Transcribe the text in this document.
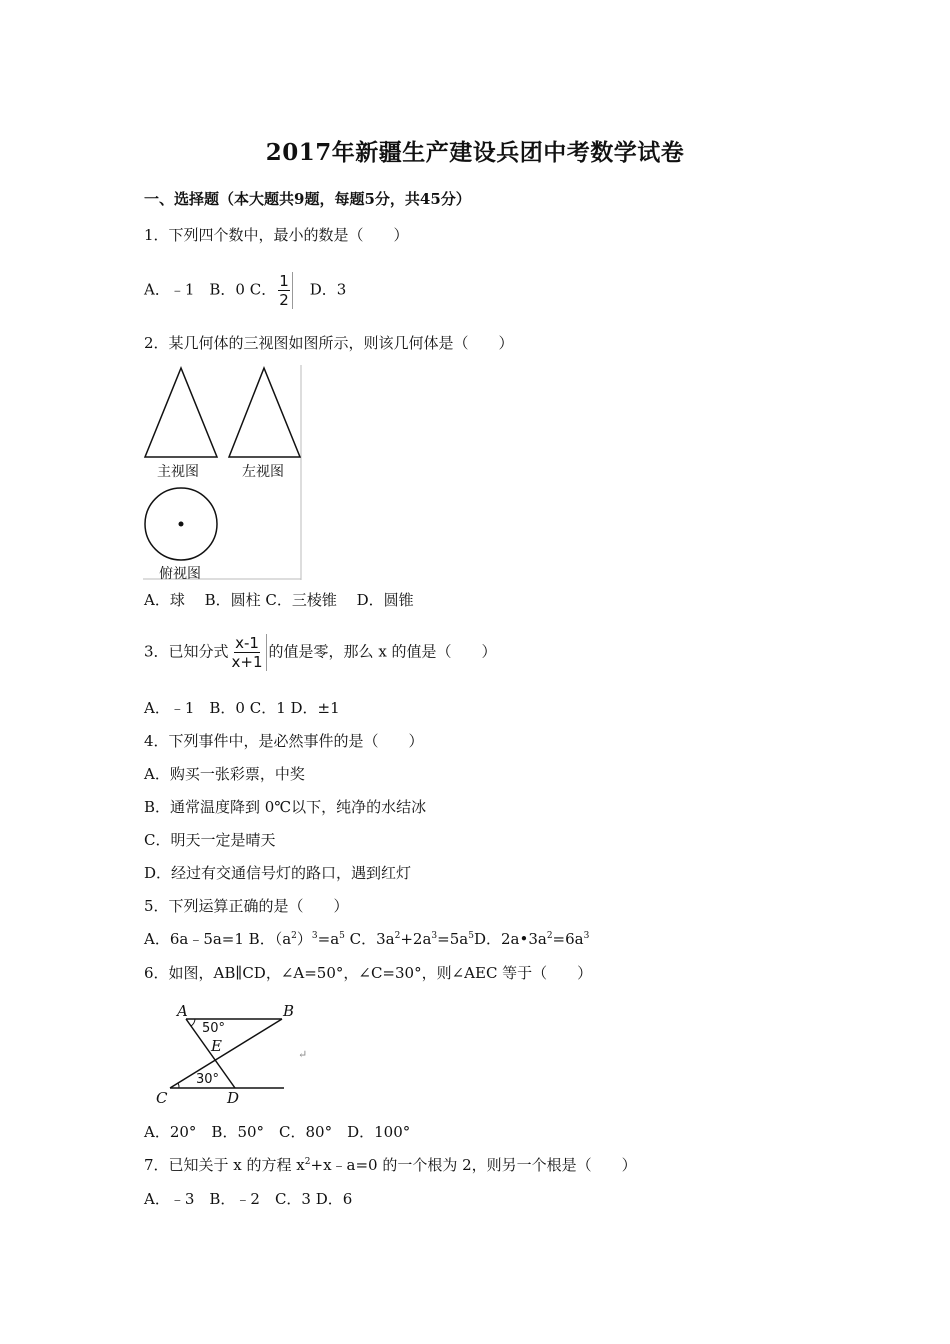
2017年新疆生产建设兵团中考数学试卷
一、选择题（本大题共9题，每题5分，共45分）
1．下列四个数中，最小的数是（　　）
A．﹣1　B．0 C． $\frac{1}{2}$ 　D．3
2．某几何体的三视图如图所示，则该几何体是（　　）
主视图	左视图
俯视图
A．球　 B．圆柱 C．三棱锥　 D．圆锥
3．已知分式 $\frac{x-1}{x+1}$ 的值是零，那么 x 的值是（　　）
A．﹣1　B．0 C．1 D．±1
4．下列事件中，是必然事件的是（　　）
A．购买一张彩票，中奖
B．通常温度降到 0℃以下，纯净的水结冰
C．明天一定是晴天
D．经过有交通信号灯的路口，遇到红灯
5．下列运算正确的是（　　）
A．6a﹣5a=1 B．$(a^2)^3=a^5$ C．$3a^2+2a^3=5a^5D$．$2a•3a^2=6a^3$
6．如图，AB∥CD，∠A=50°，∠C=30°，则∠AEC 等于（　　）
A	B
C	D
E
50°
30°
↵
A．20°　B．50°　C．80°　D．100°
7．已知关于 x 的方程 $x^2+x﹣a=0$ 的一个根为 2，则另一个根是（　　）
A．﹣3　B．﹣2　C．3 D．6
